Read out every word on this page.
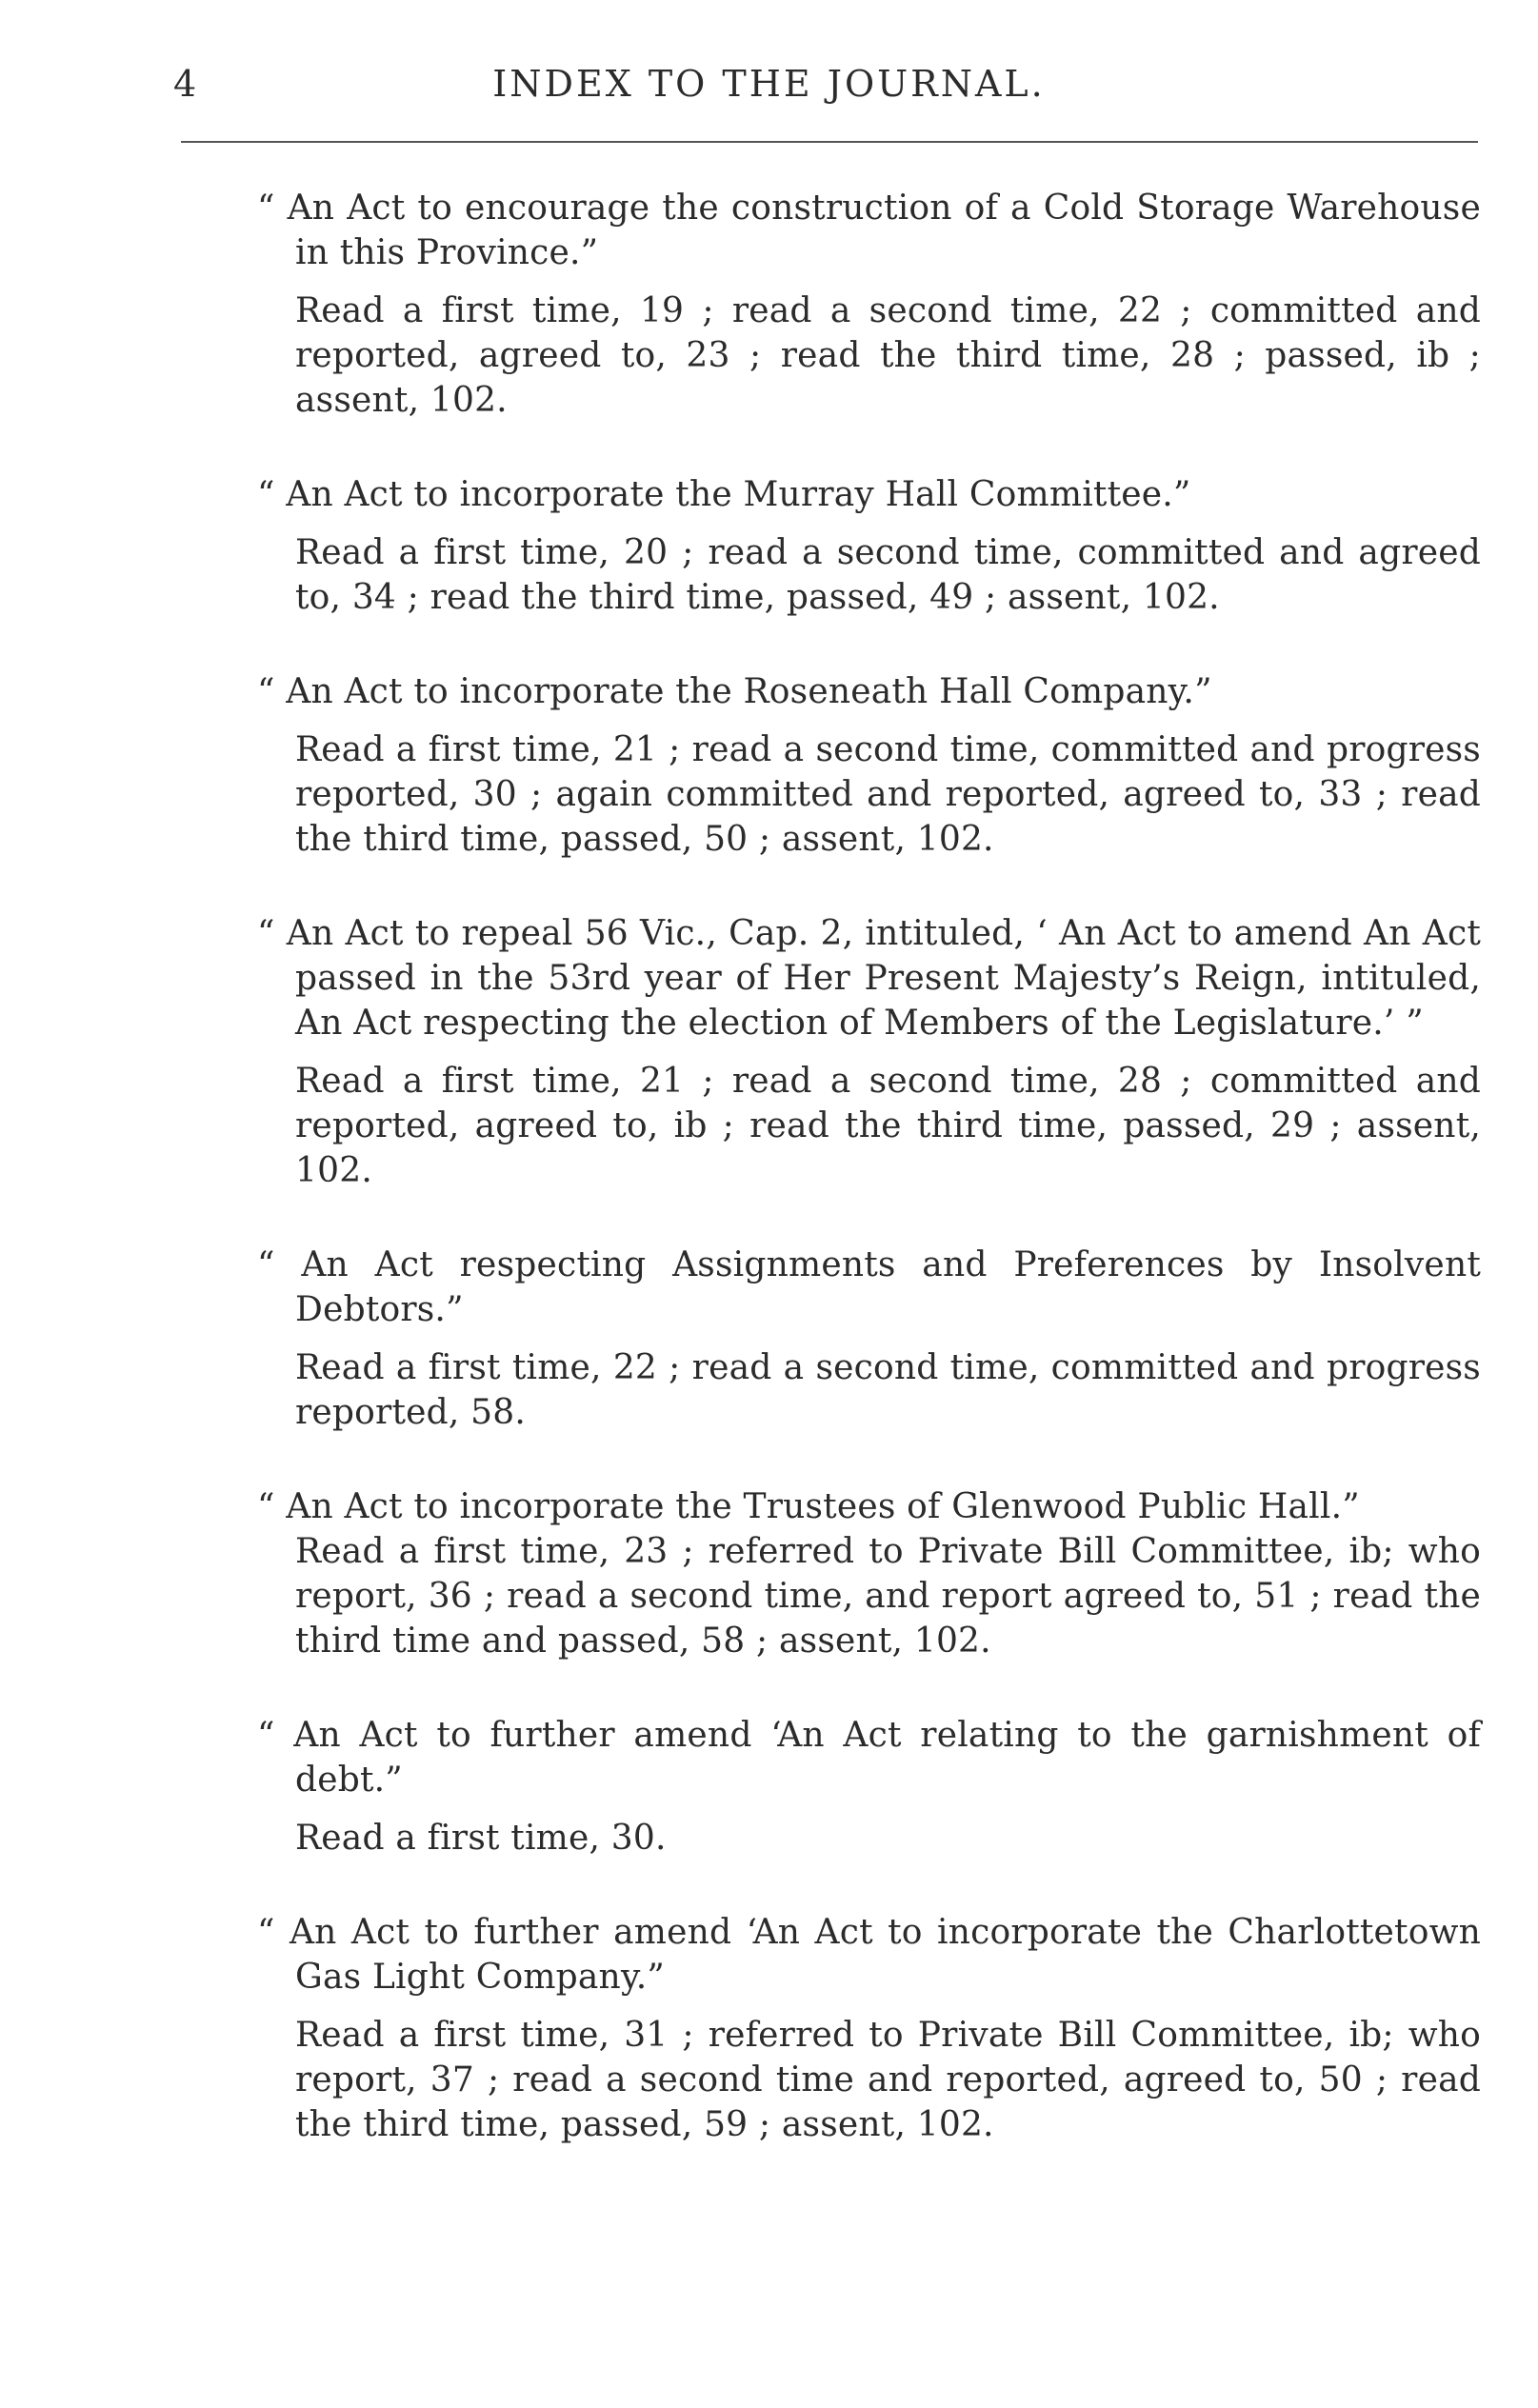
4	INDEX TO THE JOURNAL.
“ An Act to encourage the construction of a Cold Storage Warehouse in this Province.”
Read a first time, 19 ; read a second time, 22 ; committed and reported, agreed to, 23 ; read the third time, 28 ; passed, ib ; assent, 102.
“ An Act to incorporate the Murray Hall Committee.”
Read a first time, 20 ; read a second time, committed and agreed to, 34 ; read the third time, passed, 49 ; assent, 102.
“ An Act to incorporate the Roseneath Hall Company.”
Read a first time, 21 ; read a second time, committed and progress reported, 30 ; again committed and reported, agreed to, 33 ; read the third time, passed, 50 ; assent, 102.
“ An Act to repeal 56 Vic., Cap. 2, intituled, ‘ An Act to amend An Act passed in the 53rd year of Her Present Majesty’s Reign, intituled, An Act respecting the election of Members of the Legislature.’ ”
Read a first time, 21 ; read a second time, 28 ; committed and reported, agreed to, ib ; read the third time, passed, 29 ; assent, 102.
“ An Act respecting Assignments and Preferences by Insolvent Debtors.”
Read a first time, 22 ; read a second time, committed and progress reported, 58.
“ An Act to incorporate the Trustees of Glenwood Public Hall.”
Read a first time, 23 ; referred to Private Bill Committee, ib; who report, 36 ; read a second time, and report agreed to, 51 ; read the third time and passed, 58 ; assent, 102.
“ An Act to further amend ‘An Act relating to the garnishment of debt.”
Read a first time, 30.
“ An Act to further amend ‘An Act to incorporate the Charlottetown Gas Light Company.”
Read a first time, 31 ; referred to Private Bill Committee, ib; who report, 37 ; read a second time and reported, agreed to, 50 ; read the third time, passed, 59 ; assent, 102.
